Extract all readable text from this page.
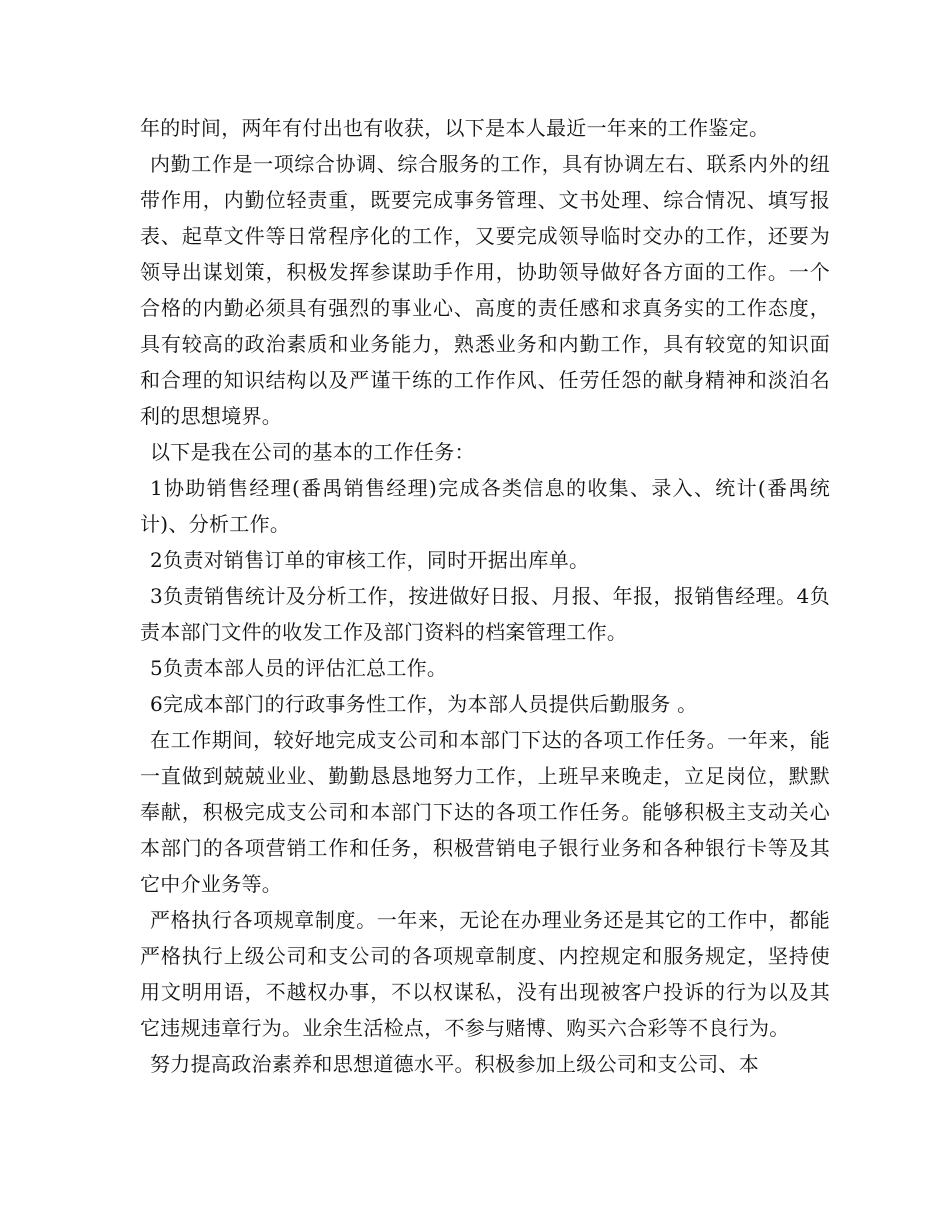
年的时间，两年有付出也有收获，以下是本人最近一年来的工作鉴定。

内勤工作是一项综合协调、综合服务的工作，具有协调左右、联系内外的纽带作用，内勤位轻责重，既要完成事务管理、文书处理、综合情况、填写报表、起草文件等日常程序化的工作，又要完成领导临时交办的工作，还要为领导出谋划策，积极发挥参谋助手作用，协助领导做好各方面的工作。一个合格的内勤必须具有强烈的事业心、高度的责任感和求真务实的工作态度，具有较高的政治素质和业务能力，熟悉业务和内勤工作，具有较宽的知识面和合理的知识结构以及严谨干练的工作作风、任劳任怨的献身精神和淡泊名利的思想境界。

以下是我在公司的基本的工作任务：

1协助销售经理(番禺销售经理)完成各类信息的收集、录入、统计(番禺统计)、分析工作。

2负责对销售订单的审核工作，同时开据出库单。

3负责销售统计及分析工作，按进做好日报、月报、年报，报销售经理。4负责本部门文件的收发工作及部门资料的档案管理工作。

5负责本部人员的评估汇总工作。

6完成本部门的行政事务性工作，为本部人员提供后勤服务 。

在工作期间，较好地完成支公司和本部门下达的各项工作任务。一年来，能一直做到兢兢业业、勤勤恳恳地努力工作，上班早来晚走，立足岗位，默默奉献，积极完成支公司和本部门下达的各项工作任务。能够积极主支动关心本部门的各项营销工作和任务，积极营销电子银行业务和各种银行卡等及其它中介业务等。

严格执行各项规章制度。一年来，无论在办理业务还是其它的工作中，都能严格执行上级公司和支公司的各项规章制度、内控规定和服务规定，坚持使用文明用语，不越权办事，不以权谋私，没有出现被客户投诉的行为以及其它违规违章行为。业余生活检点，不参与赌博、购买六合彩等不良行为。

努力提高政治素养和思想道德水平。积极参加上级公司和支公司、本
